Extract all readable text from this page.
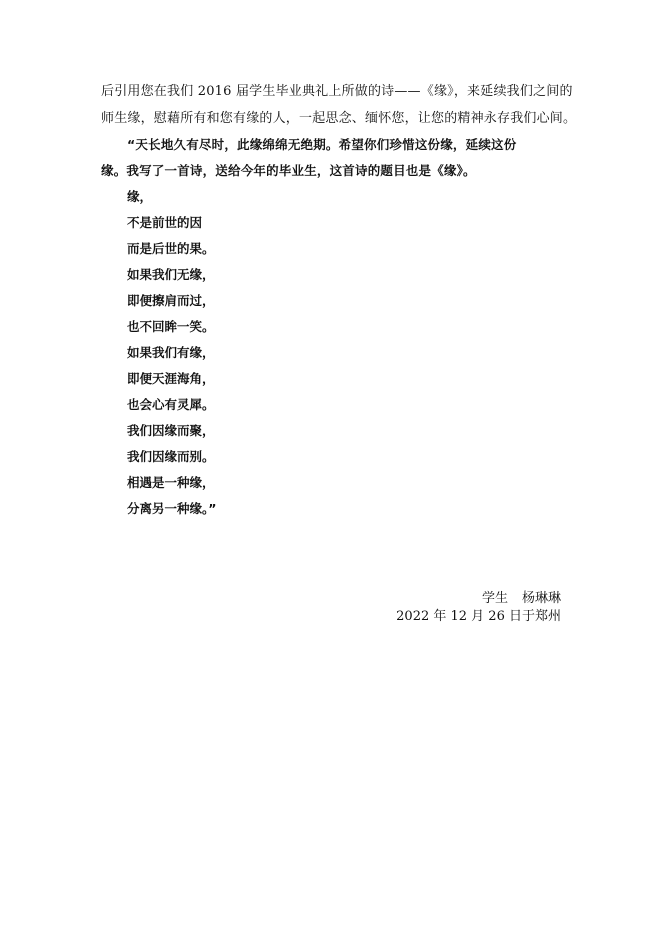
后引用您在我们 2016 届学生毕业典礼上所做的诗——《缘》，来延续我们之间的
师生缘，慰藉所有和您有缘的人，一起思念、缅怀您，让您的精神永存我们心间。
“天长地久有尽时，此缘绵绵无绝期。希望你们珍惜这份缘，延续这份
缘。我写了一首诗，送给今年的毕业生，这首诗的题目也是《缘》。
缘，
不是前世的因
而是后世的果。
如果我们无缘，
即便擦肩而过，
也不回眸一笑。
如果我们有缘，
即便天涯海角，
也会心有灵犀。
我们因缘而聚，
我们因缘而别。
相遇是一种缘，
分离另一种缘。”
学生 杨琳琳
2022 年 12 月 26 日于郑州
